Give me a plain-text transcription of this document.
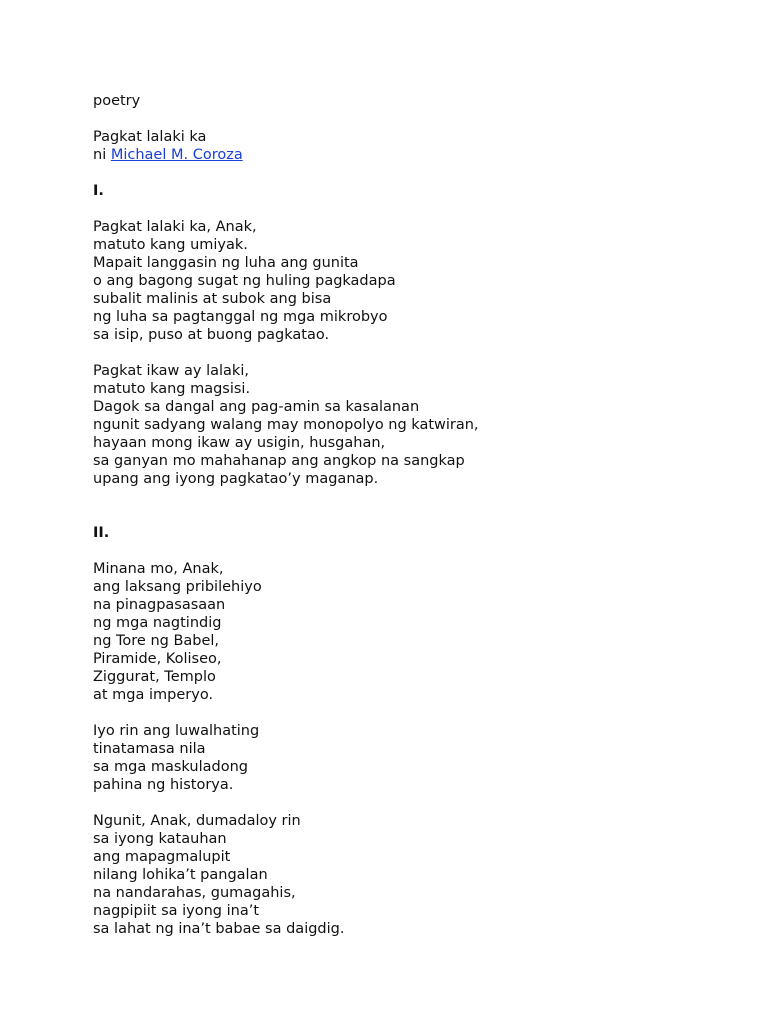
poetry
Pagkat lalaki ka
ni Michael M. Coroza
I.
Pagkat lalaki ka, Anak,
matuto kang umiyak.
Mapait langgasin ng luha ang gunita
o ang bagong sugat ng huling pagkadapa
subalit malinis at subok ang bisa
ng luha sa pagtanggal ng mga mikrobyo
sa isip, puso at buong pagkatao.
Pagkat ikaw ay lalaki,
matuto kang magsisi.
Dagok sa dangal ang pag-amin sa kasalanan
ngunit sadyang walang may monopolyo ng katwiran,
hayaan mong ikaw ay usigin, husgahan,
sa ganyan mo mahahanap ang angkop na sangkap
upang ang iyong pagkatao’y maganap.
II.
Minana mo, Anak,
ang laksang pribilehiyo
na pinagpasasaan
ng mga nagtindig
ng Tore ng Babel,
Piramide, Koliseo,
Ziggurat, Templo
at mga imperyo.
Iyo rin ang luwalhating
tinatamasa nila
sa mga maskuladong
pahina ng historya.
Ngunit, Anak, dumadaloy rin
sa iyong katauhan
ang mapagmalupit
nilang lohika’t pangalan
na nandarahas, gumagahis,
nagpipiit sa iyong ina’t
sa lahat ng ina’t babae sa daigdig.
